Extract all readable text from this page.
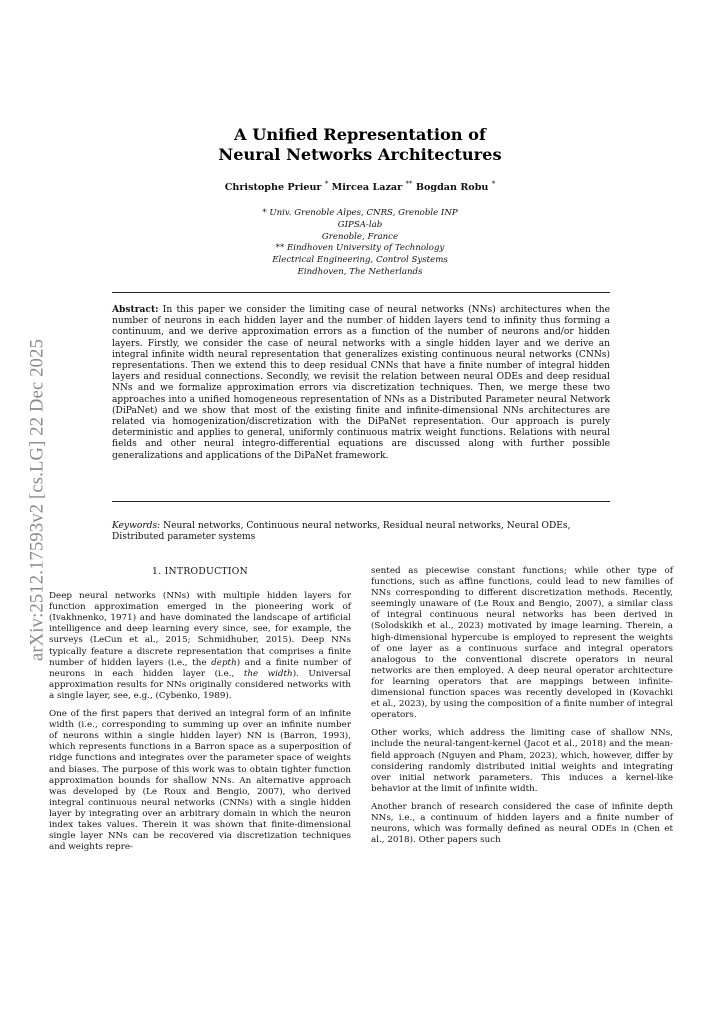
arXiv:2512.17593v2 [cs.LG] 22 Dec 2025
A Unified Representation of
Neural Networks Architectures
Christophe Prieur * Mircea Lazar ** Bogdan Robu *
* Univ. Grenoble Alpes, CNRS, Grenoble INP
GIPSA-lab
Grenoble, France
** Eindhoven University of Technology
Electrical Engineering, Control Systems
Eindhoven, The Netherlands
Abstract: In this paper we consider the limiting case of neural networks (NNs) architectures when the number of neurons in each hidden layer and the number of hidden layers tend to infinity thus forming a continuum, and we derive approximation errors as a function of the number of neurons and/or hidden layers. Firstly, we consider the case of neural networks with a single hidden layer and we derive an integral infinite width neural representation that generalizes existing continuous neural networks (CNNs) representations. Then we extend this to deep residual CNNs that have a finite number of integral hidden layers and residual connections. Secondly, we revisit the relation between neural ODEs and deep residual NNs and we formalize approximation errors via discretization techniques. Then, we merge these two approaches into a unified homogeneous representation of NNs as a Distributed Parameter neural Network (DiPaNet) and we show that most of the existing finite and infinite-dimensional NNs architectures are related via homogenization/discretization with the DiPaNet representation. Our approach is purely deterministic and applies to general, uniformly continuous matrix weight functions. Relations with neural fields and other neural integro-differential equations are discussed along with further possible generalizations and applications of the DiPaNet framework.
Keywords: Neural networks, Continuous neural networks, Residual neural networks, Neural ODEs, Distributed parameter systems
1. INTRODUCTION

Deep neural networks (NNs) with multiple hidden layers for function approximation emerged in the pioneering work of (Ivakhnenko, 1971) and have dominated the landscape of artificial intelligence and deep learning every since, see, for example, the surveys (LeCun et al., 2015; Schmidhuber, 2015). Deep NNs typically feature a discrete representation that comprises a finite number of hidden layers (i.e., the depth) and a finite number of neurons in each hidden layer (i.e., the width). Universal approximation results for NNs originally considered networks with a single layer, see, e.g., (Cybenko, 1989).

One of the first papers that derived an integral form of an infinite width (i.e., corresponding to summing up over an infinite number of neurons within a single hidden layer) NN is (Barron, 1993), which represents functions in a Barron space as a superposition of ridge functions and integrates over the parameter space of weights and biases. The purpose of this work was to obtain tighter function approximation bounds for shallow NNs. An alternative approach was developed by (Le Roux and Bengio, 2007), who derived integral continuous neural networks (CNNs) with a single hidden layer by integrating over an arbitrary domain in which the neuron index takes values. Therein it was shown that finite-dimensional single layer NNs can be recovered via discretization techniques and weights repre-

sented as piecewise constant functions; while other type of functions, such as affine functions, could lead to new families of NNs corresponding to different discretization methods. Recently, seemingly unaware of (Le Roux and Bengio, 2007), a similar class of integral continuous neural networks has been derived in (Solodskikh et al., 2023) motivated by image learning. Therein, a high-dimensional hypercube is employed to represent the weights of one layer as a continuous surface and integral operators analogous to the conventional discrete operators in neural networks are then employed. A deep neural operator architecture for learning operators that are mappings between infinite-dimensional function spaces was recently developed in (Kovachki et al., 2023), by using the composition of a finite number of integral operators.

Other works, which address the limiting case of shallow NNs, include the neural-tangent-kernel (Jacot et al., 2018) and the mean-field approach (Nguyen and Pham, 2023), which, however, differ by considering randomly distributed initial weights and integrating over initial network parameters. This induces a kernel-like behavior at the limit of infinite width.

Another branch of research considered the case of infinite depth NNs, i.e., a continuum of hidden layers and a finite number of neurons, which was formally defined as neural ODEs in (Chen et al., 2018). Other papers such
